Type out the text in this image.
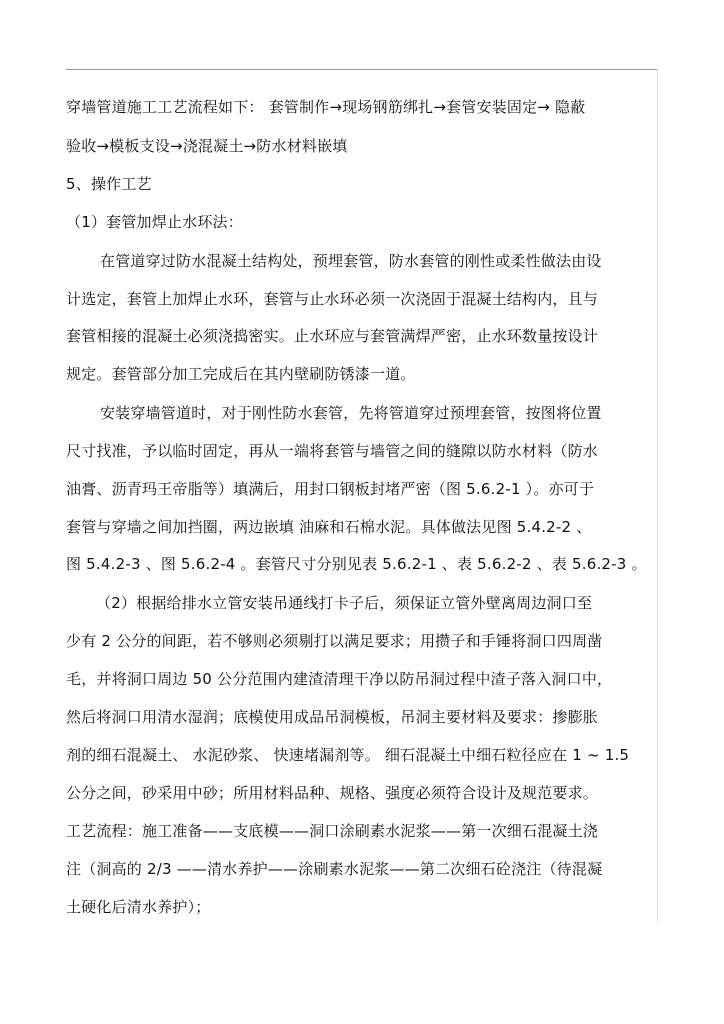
穿墙管道施工工艺流程如下： 套管制作→现场钢筋绑扎→套管安装固定→ 隐蔽
验收→模板支设→浇混凝土→防水材料嵌填
5、操作工艺
（1）套管加焊止水环法：
在管道穿过防水混凝土结构处，预埋套管，防水套管的刚性或柔性做法由设
计选定，套管上加焊止水环，套管与止水环必须一次浇固于混凝土结构内，且与
套管相接的混凝土必须浇捣密实。止水环应与套管满焊严密，止水环数量按设计
规定。套管部分加工完成后在其内壁刷防锈漆一道。
安装穿墙管道时，对于刚性防水套管，先将管道穿过预埋套管，按图将位置
尺寸找准，予以临时固定，再从一端将套管与墙管之间的缝隙以防水材料（防水
油膏、沥青玛王帝脂等）填满后，用封口钢板封堵严密（图 5.6.2-1 ）。亦可于
套管与穿墙之间加挡圈，两边嵌填 油麻和石棉水泥。具体做法见图 5.4.2-2 、
图 5.4.2-3 、图 5.6.2-4 。套管尺寸分别见表 5.6.2-1 、表 5.6.2-2 、表 5.6.2-3 。
（2）根据给排水立管安装吊通线打卡子后，须保证立管外壁离周边洞口至
少有 2 公分的间距，若不够则必须剔打以满足要求；用攒子和手锤将洞口四周凿
毛，并将洞口周边 50 公分范围内建渣清理干净以防吊洞过程中渣子落入洞口中，
然后将洞口用清水湿润；底模使用成品吊洞模板，吊洞主要材料及要求：掺膨胀
剂的细石混凝土、 水泥砂浆、 快速堵漏剂等。 细石混凝土中细石粒径应在 1 ~ 1.5
公分之间，砂采用中砂；所用材料品种、规格、强度必须符合设计及规范要求。
工艺流程：施工准备——支底模——洞口涂刷素水泥浆——第一次细石混凝土浇
注（洞高的 2/3 ——清水养护——涂刷素水泥浆——第二次细石砼浇注（待混凝
土硬化后清水养护）；
